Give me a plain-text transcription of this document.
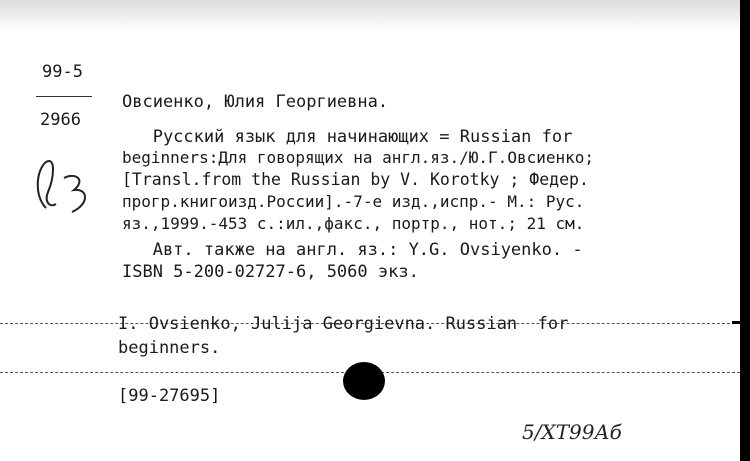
99-5
2966
Овсиенко, Юлия Георгиевна.
Русский язык для начинающих = Russian for
beginners:Для говорящих на англ.яз./Ю.Г.Овсиенко;
[Transl.from the Russian by V. Korotky ; Федер.
прогр.книгоизд.России].-7-е изд.,испр.- М.: Рус.
яз.,1999.-453 с.:ил.,факс., портр., нот.; 21 см.
Авт. также на англ. яз.: Y.G. Ovsiyenko. -
ISBN 5-200-02727-6, 5060 экз.
I. Ovsienko, Julija Georgievna. Russian  for
beginners.
[99-27695]
5/ХТ99Аб
